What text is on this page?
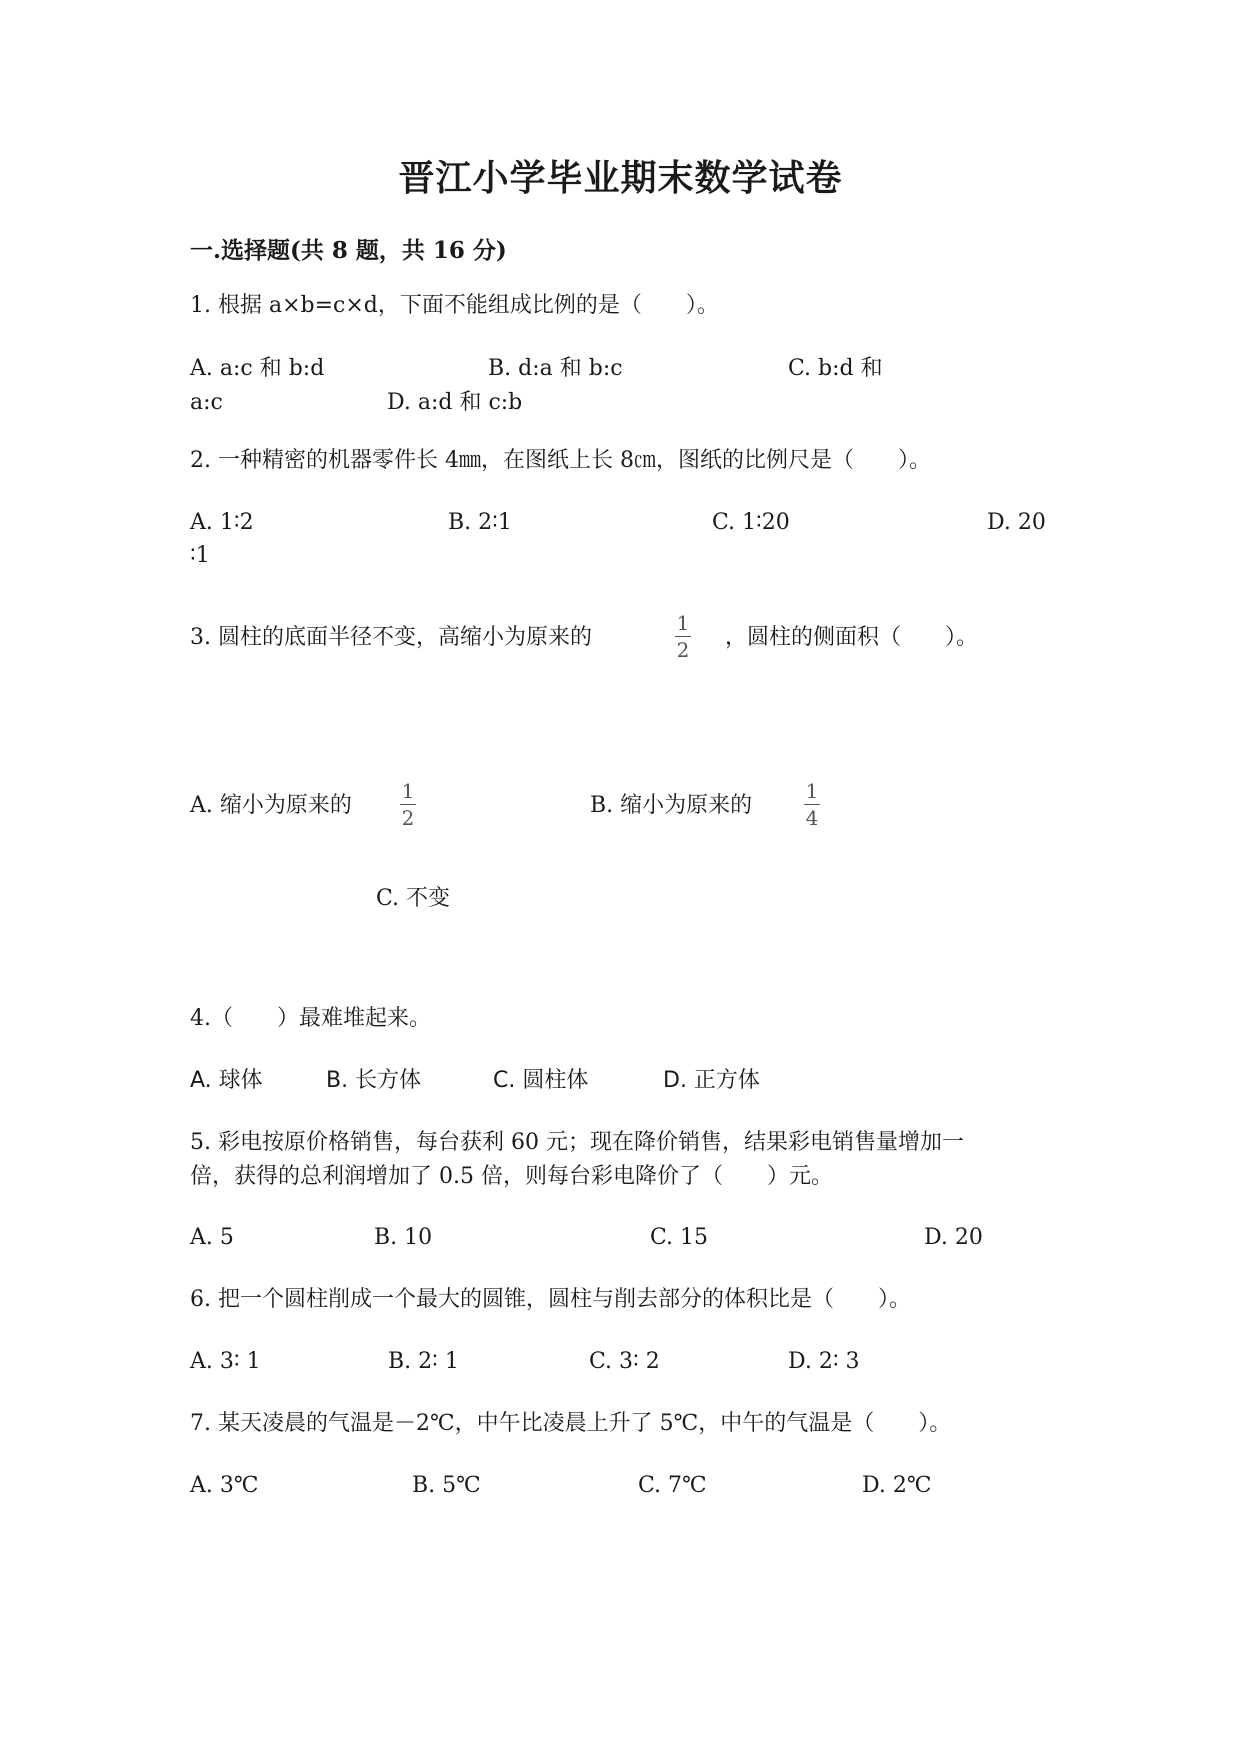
晋江小学毕业期末数学试卷
一.选择题(共 8 题，共 16 分)
1. 根据 a×b=c×d，下面不能组成比例的是（　　）。
A. a:c 和 b:d	B. d:a 和 b:c	C. b:d 和
a:c	D. a:d 和 c:b
2. 一种精密的机器零件长 4㎜，在图纸上长 8㎝，图纸的比例尺是（　　）。
A. 1∶2	B. 2∶1	C. 1∶20	D. 20
∶1
3. 圆柱的底面半径不变，高缩小为原来的
1
2 ，圆柱的侧面积（　　）。
A. 缩小为原来的
1
2	B. 缩小为原来的
1
4
C. 不变
4.（　　）最难堆起来。
A. 球体	B. 长方体	C. 圆柱体	D. 正方体
5. 彩电按原价格销售，每台获利 60 元；现在降价销售，结果彩电销售量增加一
倍，获得的总利润增加了 0.5 倍，则每台彩电降价了（　　）元。
A. 5	B. 10	C. 15	D. 20
6. 把一个圆柱削成一个最大的圆锥，圆柱与削去部分的体积比是（　　）。
A. 3∶ 1	B. 2∶ 1	C. 3∶ 2	D. 2∶ 3
7. 某天凌晨的气温是－2℃，中午比凌晨上升了 5℃，中午的气温是（　　）。
A. 3℃	B. 5℃	C. 7℃	D. 2℃
